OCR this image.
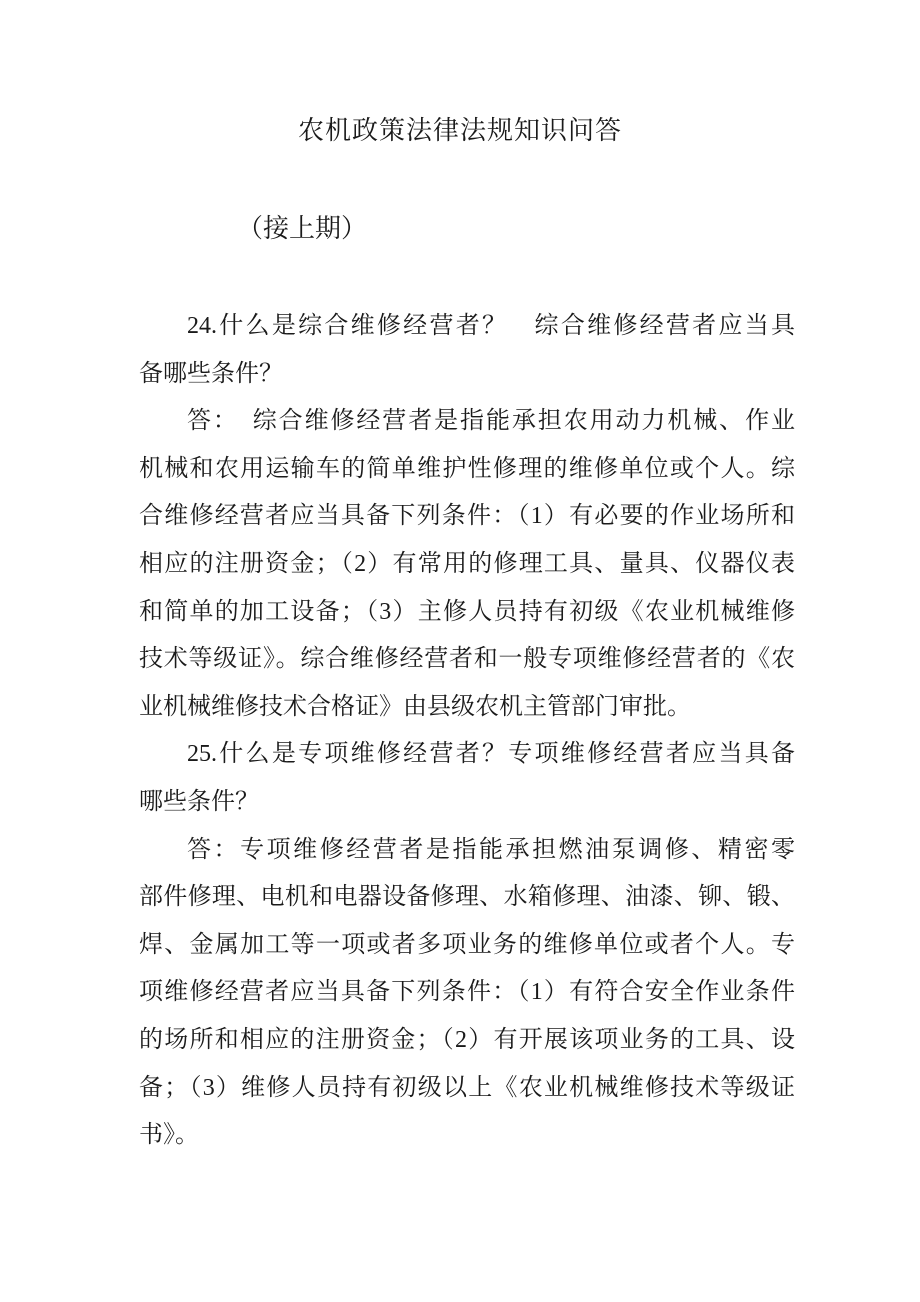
农机政策法律法规知识问答
（接上期）
24.什么是综合维修经营者？　综合维修经营者应当具
备哪些条件？
答：　综合维修经营者是指能承担农用动力机械、作业
机械和农用运输车的简单维护性修理的维修单位或个人。综
合维修经营者应当具备下列条件：（1）有必要的作业场所和
相应的注册资金；（2）有常用的修理工具、量具、仪器仪表
和简单的加工设备；（3）主修人员持有初级《农业机械维修
技术等级证》。综合维修经营者和一般专项维修经营者的《农
业机械维修技术合格证》由县级农机主管部门审批。
25.什么是专项维修经营者？专项维修经营者应当具备
哪些条件？
答：专项维修经营者是指能承担燃油泵调修、精密零
部件修理、电机和电器设备修理、水箱修理、油漆、铆、锻、
焊、金属加工等一项或者多项业务的维修单位或者个人。专
项维修经营者应当具备下列条件：（1）有符合安全作业条件
的场所和相应的注册资金；（2）有开展该项业务的工具、设
备；（3）维修人员持有初级以上《农业机械维修技术等级证
书》。
